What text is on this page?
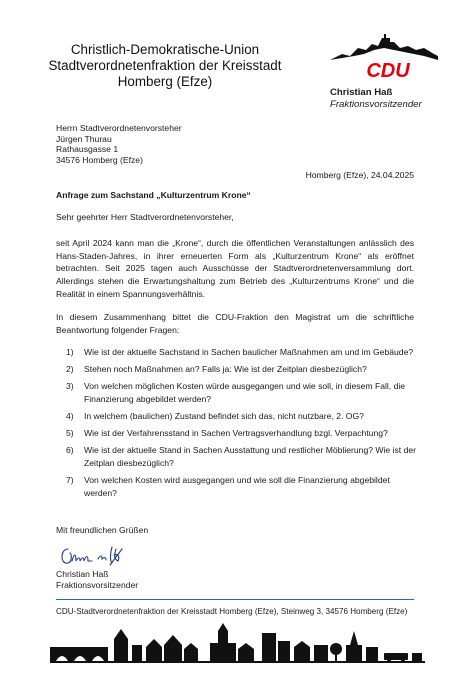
Christlich-Demokratische-Union
Stadtverordnetenfraktion der Kreisstadt
Homberg (Efze)	CDU
Christian Haß
Fraktionsvorsitzender
Herrn Stadtverordnetenvorsteher
Jürgen Thurau
Rathausgasse 1
34576 Homberg (Efze)
Homberg (Efze), 24.04.2025
Anfrage zum Sachstand „Kulturzentrum Krone“
Sehr geehrter Herr Stadtverordnetenvorsteher,
seit April 2024 kann man die „Krone“, durch die öffentlichen Veranstaltungen anlässlich des Hans-Staden-Jahres, in ihrer erneuerten Form als „Kulturzentrum Krone“ als eröffnet betrachten. Seit 2025 tagen auch Ausschüsse der Stadtverordnetenversammlung dort. Allerdings stehen die Erwartungshaltung zum Betrieb des „Kulturzentrums Krone“ und die Realität in einem Spannungsverhältnis.
In diesem Zusammenhang bittet die CDU-Fraktion den Magistrat um die schriftliche Beantwortung folgender Fragen:
1)	Wie ist der aktuelle Sachstand in Sachen baulicher Maßnahmen am und im Gebäude?
2)	Stehen noch Maßnahmen an? Falls ja: Wie ist der Zeitplan diesbezüglich?
3)	Von welchen möglichen Kosten würde ausgegangen und wie soll, in diesem Fall, die Finanzierung abgebildet werden?
4)	In welchem (baulichen) Zustand befindet sich das, nicht nutzbare, 2. OG?
5)	Wie ist der Verfahrensstand in Sachen Vertragsverhandlung bzgl. Verpachtung?
6)	Wie ist der aktuelle Stand in Sachen Ausstattung und restlicher Möblierung? Wie ist der Zeitplan diesbezüglich?
7)	Von welchen Kosten wird ausgegangen und wie soll die Finanzierung abgebildet werden?
Mit freundlichen Grüßen
Christian Haß
Fraktionsvorsitzender
CDU-Stadtverordnetenfraktion der Kreisstadt Homberg (Efze), Steinweg 3, 34576 Homberg (Efze)
